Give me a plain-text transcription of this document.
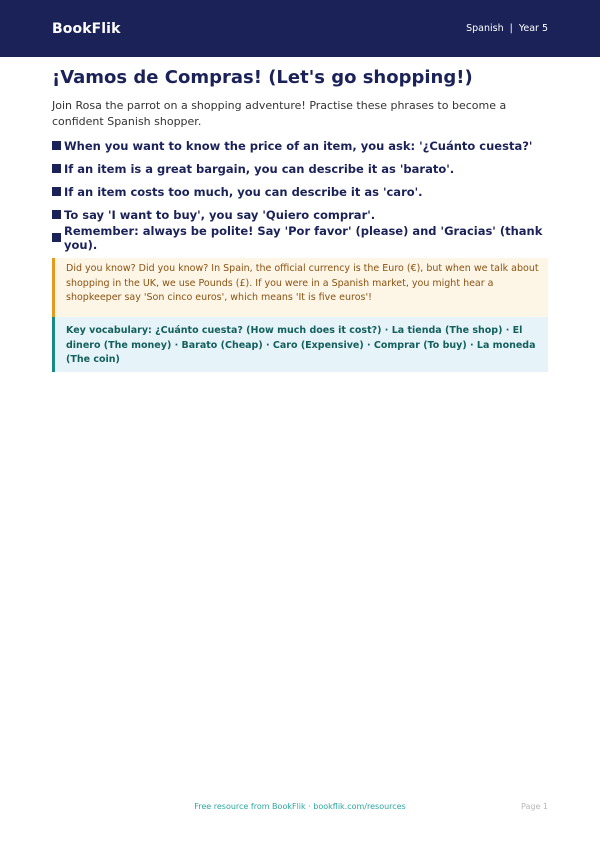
BookFlik	Spanish | Year 5
¡Vamos de Compras! (Let's go shopping!)

Join Rosa the parrot on a shopping adventure! Practise these phrases to become a confident Spanish shopper.

When you want to know the price of an item, you ask: '¿Cuánto cuesta?'
If an item is a great bargain, you can describe it as 'barato'.
If an item costs too much, you can describe it as 'caro'.
To say 'I want to buy', you say 'Quiero comprar'.
Remember: always be polite! Say 'Por favor' (please) and 'Gracias' (thank you).
Did you know? Did you know? In Spain, the official currency is the Euro (€), but when we talk about shopping in the UK, we use Pounds (£). If you were in a Spanish market, you might hear a shopkeeper say 'Son cinco euros', which means 'It is five euros'!
Key vocabulary: ¿Cuánto cuesta? (How much does it cost?) · La tienda (The shop) · El dinero (The money) · Barato (Cheap) · Caro (Expensive) · Comprar (To buy) · La moneda (The coin)
Free resource from BookFlik · bookflik.com/resources	Page 1
